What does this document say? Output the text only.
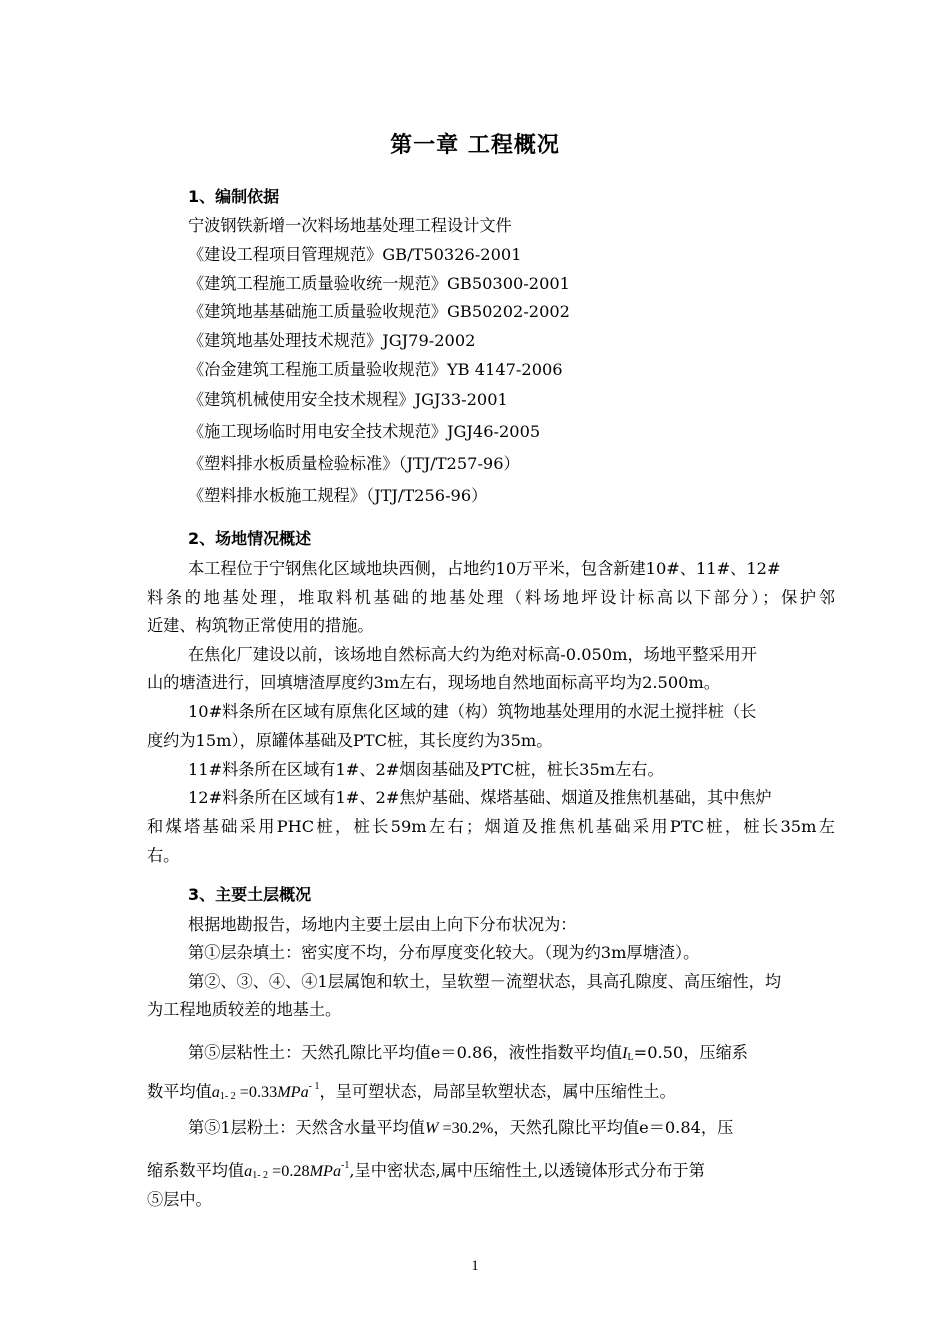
第一章 工程概况
1、编制依据
宁波钢铁新增一次料场地基处理工程设计文件
《建设工程项目管理规范》GB/T50326-2001
《建筑工程施工质量验收统一规范》GB50300-2001
《建筑地基基础施工质量验收规范》GB50202-2002
《建筑地基处理技术规范》JGJ79-2002
《冶金建筑工程施工质量验收规范》YB 4147-2006
《建筑机械使用安全技术规程》JGJ33-2001
《施工现场临时用电安全技术规范》JGJ46-2005
《塑料排水板质量检验标准》（JTJ/T257-96）
《塑料排水板施工规程》（JTJ/T256-96）
2、场地情况概述
本工程位于宁钢焦化区域地块西侧，占地约10万平米，包含新建10#、11#、12#
料条的地基处理，堆取料机基础的地基处理（料场地坪设计标高以下部分）；保护邻
近建、构筑物正常使用的措施。
在焦化厂建设以前，该场地自然标高大约为绝对标高-0.050m，场地平整采用开
山的塘渣进行，回填塘渣厚度约3m左右，现场地自然地面标高平均为2.500m。
10#料条所在区域有原焦化区域的建（构）筑物地基处理用的水泥土搅拌桩（长
度约为15m），原罐体基础及PTC桩，其长度约为35m。
11#料条所在区域有1#、2#烟囱基础及PTC桩，桩长35m左右。
12#料条所在区域有1#、2#焦炉基础、煤塔基础、烟道及推焦机基础，其中焦炉
和煤塔基础采用PHC桩，桩长59m左右；烟道及推焦机基础采用PTC桩，桩长35m左
右。
3、主要土层概况
根据地勘报告，场地内主要土层由上向下分布状况为：
第①层杂填土：密实度不均，分布厚度变化较大。（现为约3m厚塘渣）。
第②、③、④、④1层属饱和软土，呈软塑－流塑状态，具高孔隙度、高压缩性，均
为工程地质较差的地基土。
第⑤层粘性土：天然孔隙比平均值e＝0.86，液性指数平均值$I_L=0.50$，压缩系
数平均值$a_{1- 2} =0.33MPa^{- 1}$，呈可塑状态，局部呈软塑状态，属中压缩性土。
第⑤1层粉土：天然含水量平均值W =30.2%，天然孔隙比平均值e＝0.84，压
缩系数平均值$a_{1- 2} =0.28MPa^{-1}$,呈中密状态,属中压缩性土,以透镜体形式分布于第
⑤层中。
1
